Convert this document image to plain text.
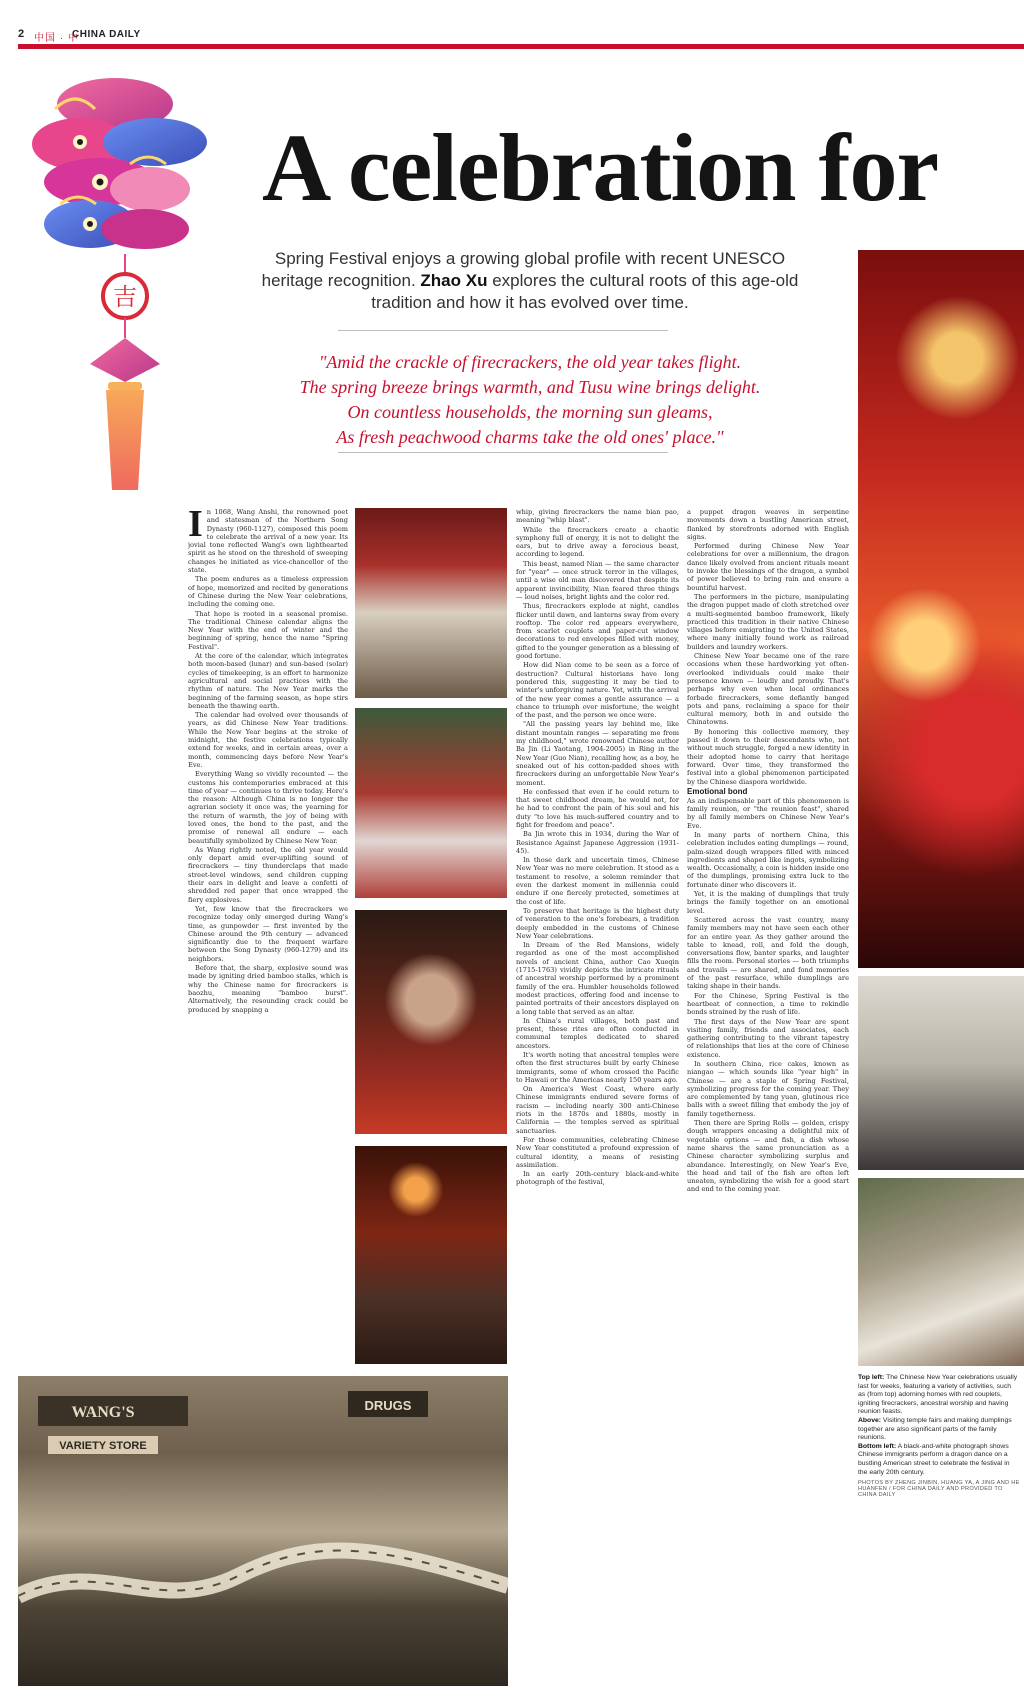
2 中国 · 中
CHINA DAILY
吉
A celebration for
Spring Festival enjoys a growing global profile with recent UNESCO heritage recognition. Zhao Xu explores the cultural roots of this age-old tradition and how it has evolved over time.
"Amid the crackle of firecrackers, the old year takes flight.
The spring breeze brings warmth, and Tusu wine brings delight.
On countless households, the morning sun gleams,
As fresh peachwood charms take the old ones' place."
WANG'S
VARIETY STORE
DRUGS

In 1068, Wang Anshi, the renowned poet and statesman of the Northern Song Dynasty (960-1127), composed this poem to celebrate the arrival of a new year. Its jovial tone reflected Wang's own lighthearted spirit as he stood on the threshold of sweeping changes he initiated as vice-chancellor of the state.

The poem endures as a timeless expression of hope, memorized and recited by generations of Chinese during the New Year celebrations, including the coming one.

That hope is rooted in a seasonal promise. The traditional Chinese calendar aligns the New Year with the end of winter and the beginning of spring, hence the name "Spring Festival".

At the core of the calendar, which integrates both moon-based (lunar) and sun-based (solar) cycles of timekeeping, is an effort to harmonize agricultural and social practices with the rhythm of nature. The New Year marks the beginning of the farming season, as hope stirs beneath the thawing earth.

The calendar had evolved over thousands of years, as did Chinese New Year traditions. While the New Year begins at the stroke of midnight, the festive celebrations typically extend for weeks, and in certain areas, over a month, commencing days before New Year's Eve.

Everything Wang so vividly recounted — the customs his contemporaries embraced at this time of year — continues to thrive today. Here's the reason: Although China is no longer the agrarian society it once was, the yearning for the return of warmth, the joy of being with loved ones, the bond to the past, and the promise of renewal all endure — each beautifully symbolized by Chinese New Year.

As Wang rightly noted, the old year would only depart amid ever-uplifting sound of firecrackers — tiny thunderclaps that made street-level windows, send children cupping their ears in delight and leave a confetti of shredded red paper that once wrapped the fiery explosives.

Yet, few know that the firecrackers we recognize today only emerged during Wang's time, as gunpowder — first invented by the Chinese around the 9th century — advanced significantly due to the frequent warfare between the Song Dynasty (960-1279) and its neighbors.

Before that, the sharp, explosive sound was made by igniting dried bamboo stalks, which is why the Chinese name for firecrackers is baozhu, meaning "bamboo burst". Alternatively, the resounding crack could be produced by snapping a

whip, giving firecrackers the name bian pao, meaning "whip blast".

While the firecrackers create a chaotic symphony full of energy, it is not to delight the ears, but to drive away a ferocious beast, according to legend.

This beast, named Nian — the same character for "year" — once struck terror in the villages, until a wise old man discovered that despite its apparent invincibility, Nian feared three things — loud noises, bright lights and the color red.

Thus, firecrackers explode at night, candles flicker until dawn, and lanterns sway from every rooftop. The color red appears everywhere, from scarlet couplets and paper-cut window decorations to red envelopes filled with money, gifted to the younger generation as a blessing of good fortune.

How did Nian come to be seen as a force of destruction? Cultural historians have long pondered this, suggesting it may be tied to winter's unforgiving nature. Yet, with the arrival of the new year comes a gentle assurance — a chance to triumph over misfortune, the weight of the past, and the person we once were.

"All the passing years lay behind me, like distant mountain ranges — separating me from my childhood," wrote renowned Chinese author Ba Jin (Li Yaotang, 1904-2005) in Ring in the New Year (Guo Nian), recalling how, as a boy, he sneaked out of his cotton-padded shoes with firecrackers during an unforgettable New Year's moment.

He confessed that even if he could return to that sweet childhood dream, he would not, for he had to confront the pain of his soul and his duty "to love his much-suffered country and to fight for freedom and peace".

Ba Jin wrote this in 1934, during the War of Resistance Against Japanese Aggression (1931-45).

In those dark and uncertain times, Chinese New Year was no mere celebration. It stood as a testament to resolve, a solemn reminder that even the darkest moment in millennia could endure if one fiercely protected, sometimes at the cost of life.

To preserve that heritage is the highest duty of veneration to the one's forebears, a tradition deeply embedded in the customs of Chinese New Year celebrations.

In Dream of the Red Mansions, widely regarded as one of the most accomplished novels of ancient China, author Cao Xueqin (1715-1763) vividly depicts the intricate rituals of ancestral worship performed by a prominent family of the era. Humbler households followed modest practices, offering food and incense to painted portraits of their ancestors displayed on a long table that served as an altar.

In China's rural villages, both past and present, these rites are often conducted in communal temples dedicated to shared ancestors.

It's worth noting that ancestral temples were often the first structures built by early Chinese immigrants, some of whom crossed the Pacific to Hawaii or the Americas nearly 150 years ago.

On America's West Coast, where early Chinese immigrants endured severe forms of racism — including nearly 300 anti-Chinese riots in the 1870s and 1880s, mostly in California — the temples served as spiritual sanctuaries.

For those communities, celebrating Chinese New Year constituted a profound expression of cultural identity, a means of resisting assimilation.

In an early 20th-century black-and-white photograph of the festival,

a puppet dragon weaves in serpentine movements down a bustling American street, flanked by storefronts adorned with English signs.

Performed during Chinese New Year celebrations for over a millennium, the dragon dance likely evolved from ancient rituals meant to invoke the blessings of the dragon, a symbol of power believed to bring rain and ensure a bountiful harvest.

The performers in the picture, manipulating the dragon puppet made of cloth stretched over a multi-segmented bamboo framework, likely practiced this tradition in their native Chinese villages before emigrating to the United States, where many initially found work as railroad builders and laundry workers.

Chinese New Year became one of the rare occasions when these hardworking yet often-overlooked individuals could make their presence known — loudly and proudly. That's perhaps why even when local ordinances forbade firecrackers, some defiantly banged pots and pans, reclaiming a space for their cultural memory, both in and outside the Chinatowns.

By honoring this collective memory, they passed it down to their descendants who, not without much struggle, forged a new identity in their adopted home to carry that heritage forward. Over time, they transformed the festival into a global phenomenon participated by the Chinese diaspora worldwide.

Emotional bond

As an indispensable part of this phenomenon is family reunion, or "the reunion feast", shared by all family members on Chinese New Year's Eve.

In many parts of northern China, this celebration includes eating dumplings — round, palm-sized dough wrappers filled with minced ingredients and shaped like ingots, symbolizing wealth. Occasionally, a coin is hidden inside one of the dumplings, promising extra luck to the fortunate diner who discovers it.

Yet, it is the making of dumplings that truly brings the family together on an emotional level.

Scattered across the vast country, many family members may not have seen each other for an entire year. As they gather around the table to knead, roll, and fold the dough, conversations flow, banter sparks, and laughter fills the room. Personal stories — both triumphs and travails — are shared, and fond memories of the past resurface, while dumplings are taking shape in their hands.

For the Chinese, Spring Festival is the heartbeat of connection, a time to rekindle bonds strained by the rush of life.

The first days of the New Year are spent visiting family, friends and associates, each gathering contributing to the vibrant tapestry of relationships that lies at the core of Chinese existence.

In southern China, rice cakes, known as niangao — which sounds like "year high" in Chinese — are a staple of Spring Festival, symbolizing progress for the coming year. They are complemented by tang yuan, glutinous rice balls with a sweet filling that embody the joy of family togetherness.

Then there are Spring Rolls — golden, crispy dough wrappers encasing a delightful mix of vegetable options — and fish, a dish whose name shares the same pronunciation as a Chinese character symbolizing surplus and abundance. Interestingly, on New Year's Eve, the head and tail of the fish are often left uneaten, symbolizing the wish for a good start and end to the coming year.

Top left: The Chinese New Year celebrations usually last for weeks, featuring a variety of activities, such as (from top) adorning homes with red couplets, igniting firecrackers, ancestral worship and having reunion feasts.
Above: Visiting temple fairs and making dumplings together are also significant parts of the family reunions.
Bottom left: A black-and-white photograph shows Chinese immigrants perform a dragon dance on a bustling American street to celebrate the festival in the early 20th century.
PHOTOS BY ZHENG JINBIN, HUANG YA, A JING AND HE HUANFEN / FOR CHINA DAILY AND PROVIDED TO CHINA DAILY
